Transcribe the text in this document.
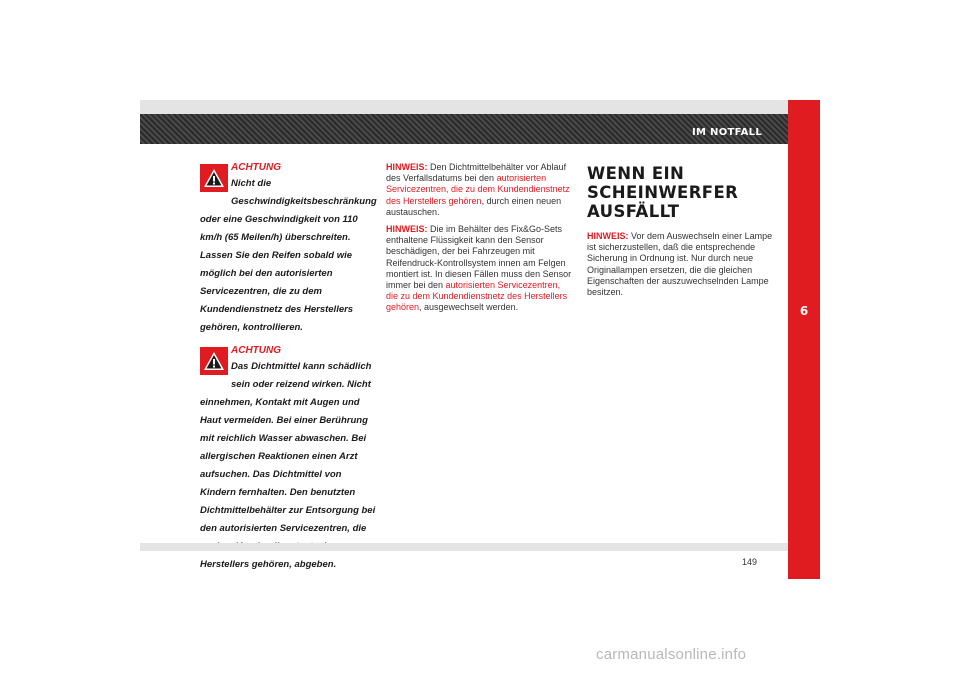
IM NOTFALL
6
ACHTUNG
Nicht die Geschwindigkeitsbeschränkung oder eine Geschwindigkeit von 110 km/h (65 Meilen/h) überschreiten. Lassen Sie den Reifen sobald wie möglich bei den autorisierten Servicezentren, die zu dem Kundendienstnetz des Herstellers gehören, kontrollieren.
ACHTUNG
Das Dichtmittel kann schädlich sein oder reizend wirken. Nicht einnehmen, Kontakt mit Augen und Haut vermeiden. Bei einer Berührung mit reichlich Wasser abwaschen. Bei allergischen Reaktionen einen Arzt aufsuchen. Das Dichtmittel von Kindern fernhalten. Den benutzten Dichtmittelbehälter zur Entsorgung bei den autorisierten Servicezentren, die Herstellers gehören, abgeben.

HINWEIS: Den Dichtmittelbehälter vor Ablauf des Verfallsdatums bei den autorisierten Servicezentren, die zu dem Kundendienstnetz des Herstellers gehören, durch einen neuen austauschen.

HINWEIS: Die im Behälter des Fix&Go-Sets enthaltene Flüssigkeit kann den Sensor beschädigen, der bei Fahrzeugen mit Reifendruck-Kontrollsystem innen am Felgen montiert ist. In diesen Fällen muss den Sensor immer bei den autorisierten Servicezentren, die zu dem Kundendienstnetz des Herstellers gehören, ausgewechselt werden.

WENN EIN SCHEINWERFER AUSFÄLLT

HINWEIS: Vor dem Auswechseln einer Lampe ist sicherzustellen, daß die entsprechende Sicherung in Ordnung ist. Nur durch neue Originallampen ersetzen, die die gleichen Eigenschaften der auszuwechselnden Lampe besitzen.

149
carmanualsonline.info
